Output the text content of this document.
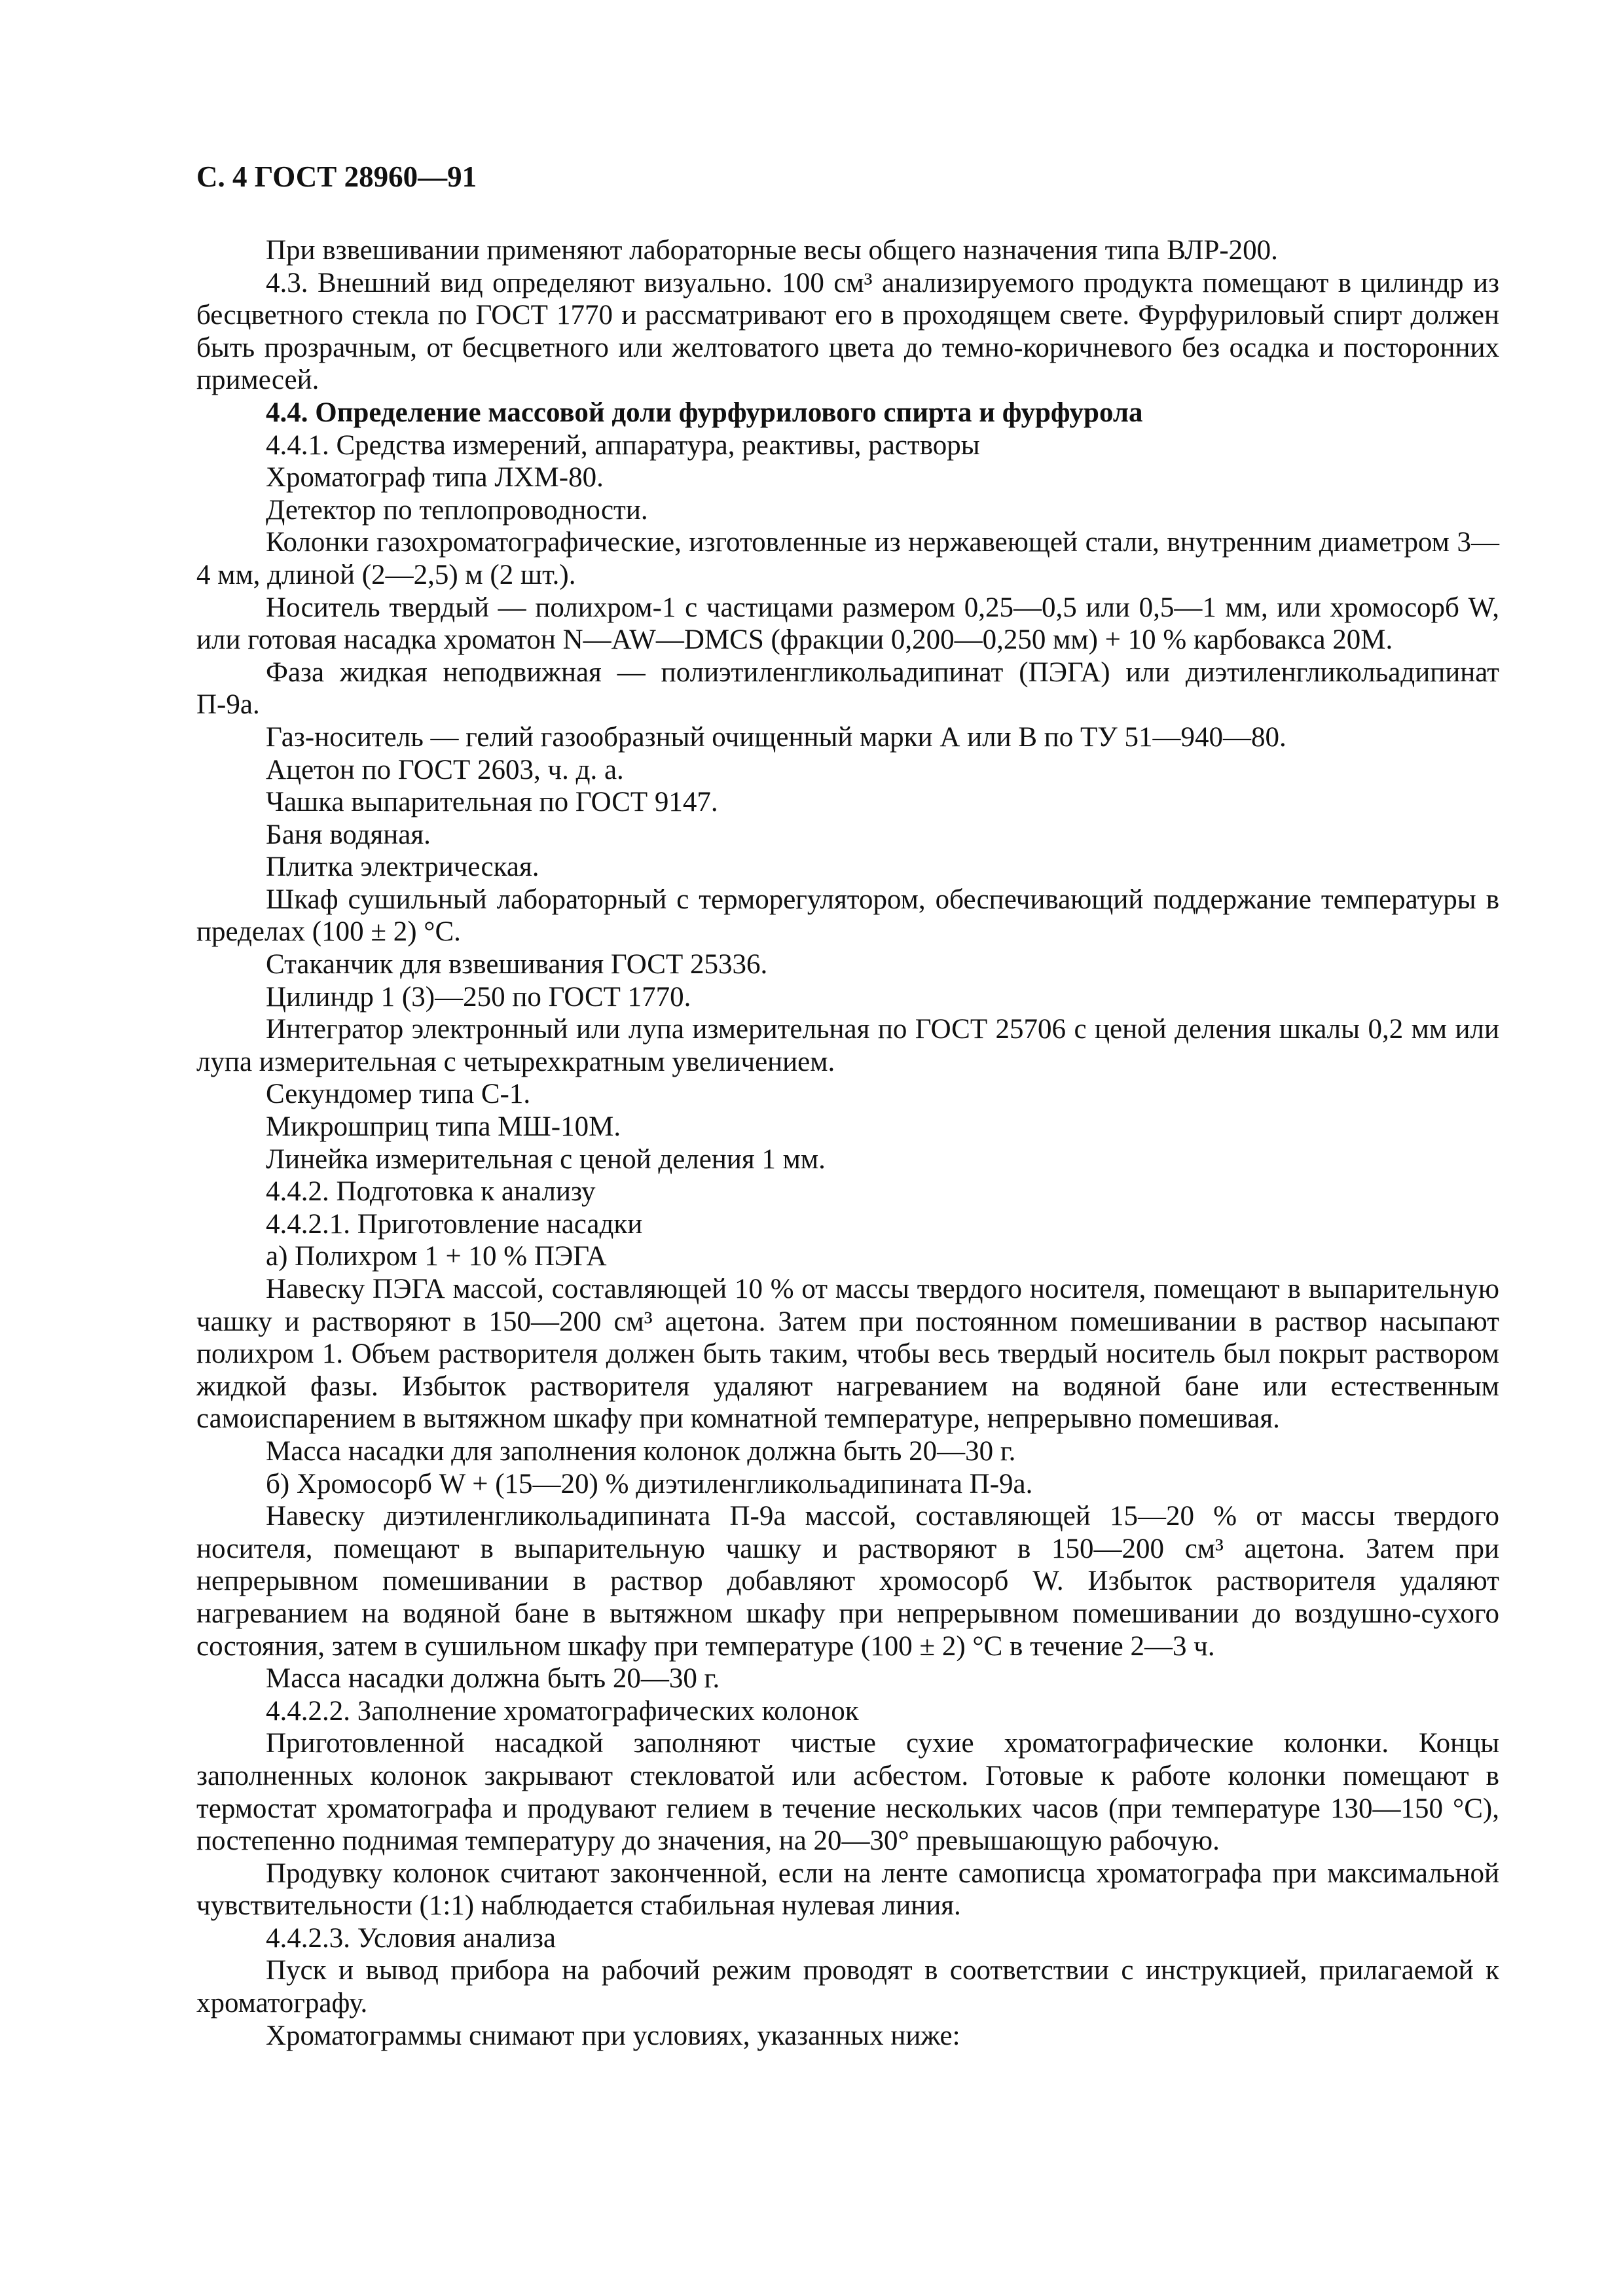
С. 4 ГОСТ 28960—91

При взвешивании применяют лабораторные весы общего назначения типа ВЛР-200.

4.3. Внешний вид определяют визуально. 100 см³ анализируемого продукта помещают в цилиндр из бесцветного стекла по ГОСТ 1770 и рассматривают его в проходящем свете. Фурфуриловый спирт должен быть прозрачным, от бесцветного или желтоватого цвета до темно-коричневого без осадка и посторонних примесей.

4.4. Определение массовой доли фурфурилового спирта и фурфурола

4.4.1. Средства измерений, аппаратура, реактивы, растворы

Хроматограф типа ЛХМ-80.

Детектор по теплопроводности.

Колонки газохроматографические, изготовленные из нержавеющей стали, внутренним диаметром 3—4 мм, длиной (2—2,5) м (2 шт.).

Носитель твердый — полихром-1 с частицами размером 0,25—0,5 или 0,5—1 мм, или хромосорб W, или готовая насадка хроматон N—AW—DMCS (фракции 0,200—0,250 мм) + 10 % карбовакса 20М.

Фаза жидкая неподвижная — полиэтиленгликольадипинат (ПЭГА) или диэтиленгликольадипинат П-9а.

Газ-носитель — гелий газообразный очищенный марки А или В по ТУ 51—940—80.

Ацетон по ГОСТ 2603, ч. д. а.

Чашка выпарительная по ГОСТ 9147.

Баня водяная.

Плитка электрическая.

Шкаф сушильный лабораторный с терморегулятором, обеспечивающий поддержание температуры в пределах (100 ± 2) °С.

Стаканчик для взвешивания ГОСТ 25336.

Цилиндр 1 (3)—250 по ГОСТ 1770.

Интегратор электронный или лупа измерительная по ГОСТ 25706 с ценой деления шкалы 0,2 мм или лупа измерительная с четырехкратным увеличением.

Секундомер типа С-1.

Микрошприц типа МШ-10М.

Линейка измерительная с ценой деления 1 мм.

4.4.2. Подготовка к анализу

4.4.2.1. Приготовление насадки

а) Полихром 1 + 10 % ПЭГА

Навеску ПЭГА массой, составляющей 10 % от массы твердого носителя, помещают в выпарительную чашку и растворяют в 150—200 см³ ацетона. Затем при постоянном помешивании в раствор насыпают полихром 1. Объем растворителя должен быть таким, чтобы весь твердый носитель был покрыт раствором жидкой фазы. Избыток растворителя удаляют нагреванием на водяной бане или естественным самоиспарением в вытяжном шкафу при комнатной температуре, непрерывно помешивая.

Масса насадки для заполнения колонок должна быть 20—30 г.

б) Хромосорб W + (15—20) % диэтиленгликольадипината П-9а.

Навеску диэтиленгликольадипината П-9а массой, составляющей 15—20 % от массы твердого носителя, помещают в выпарительную чашку и растворяют в 150—200 см³ ацетона. Затем при непрерывном помешивании в раствор добавляют хромосорб W. Избыток растворителя удаляют нагреванием на водяной бане в вытяжном шкафу при непрерывном помешивании до воздушно-сухого состояния, затем в сушильном шкафу при температуре (100 ± 2) °С в течение 2—3 ч.

Масса насадки должна быть 20—30 г.

4.4.2.2. Заполнение хроматографических колонок

Приготовленной насадкой заполняют чистые сухие хроматографические колонки. Концы заполненных колонок закрывают стекловатой или асбестом. Готовые к работе колонки помещают в термостат хроматографа и продувают гелием в течение нескольких часов (при температуре 130—150 °С), постепенно поднимая температуру до значения, на 20—30° превышающую рабочую.

Продувку колонок считают законченной, если на ленте самописца хроматографа при максимальной чувствительности (1:1) наблюдается стабильная нулевая линия.

4.4.2.3. Условия анализа

Пуск и вывод прибора на рабочий режим проводят в соответствии с инструкцией, прилагаемой к хроматографу.

Хроматограммы снимают при условиях, указанных ниже:
